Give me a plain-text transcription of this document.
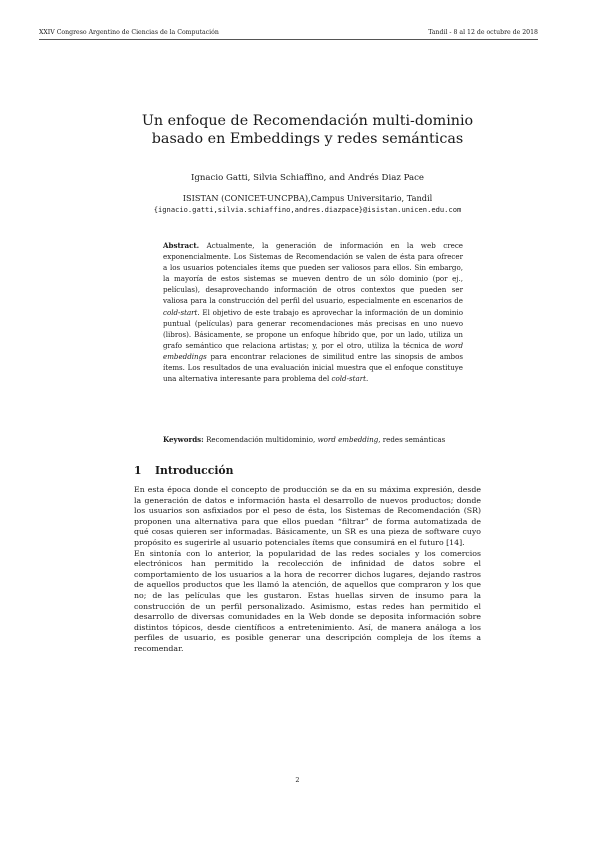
XXIV Congreso Argentino de Ciencias de la Computación	Tandil - 8 al 12 de octubre de 2018
Un enfoque de Recomendación multi-dominio
basado en Embeddings y redes semánticas
Ignacio Gatti, Silvia Schiaffino, and Andrés Diaz Pace
ISISTAN (CONICET-UNCPBA),Campus Universitario, Tandil
{ignacio.gatti,silvia.schiaffino,andres.diazpace}@isistan.unicen.edu.com

Abstract. Actualmente, la generación de información en la web crece exponencialmente. Los Sistemas de Recomendación se valen de ésta para ofrecer a los usuarios potenciales ítems que pueden ser valiosos para ellos. Sin embargo, la mayoría de estos sistemas se mueven dentro de un sólo dominio (por ej., películas), desaprovechando información de otros contextos que pueden ser valiosa para la construcción del perfil del usuario, especialmente en escenarios de cold-start. El objetivo de este trabajo es aprovechar la información de un dominio puntual (películas) para generar recomendaciones más precisas en uno nuevo (libros). Básicamente, se propone un enfoque híbrido que, por un lado, utiliza un grafo semántico que relaciona artistas; y, por el otro, utiliza la técnica de word embeddings para encontrar relaciones de similitud entre las sinopsis de ambos ítems. Los resultados de una evaluación inicial muestra que el enfoque constituye una alternativa interesante para problema del cold-start.

Keywords: Recomendación multidominio, word embedding, redes semánticas

1 Introducción

En esta época donde el concepto de producción se da en su máxima expresión, desde la generación de datos e información hasta el desarrollo de nuevos productos; donde los usuarios son asfixiados por el peso de ésta, los Sistemas de Recomendación (SR) proponen una alternativa para que ellos puedan “filtrar” de forma automatizada de qué cosas quieren ser informadas. Básicamente, un SR es una pieza de software cuyo propósito es sugerirle al usuario potenciales ítems que consumirá en el futuro [14].

En sintonía con lo anterior, la popularidad de las redes sociales y los comercios electrónicos han permitido la recolección de infinidad de datos sobre el comportamiento de los usuarios a la hora de recorrer dichos lugares, dejando rastros de aquellos productos que les llamó la atención, de aquellos que compraron y los que no; de las películas que les gustaron. Estas huellas sirven de insumo para la construcción de un perfil personalizado. Asimismo, estas redes han permitido el desarrollo de diversas comunidades en la Web donde se deposita información sobre distintos tópicos, desde científicos a entretenimiento. Así, de manera análoga a los perfiles de usuario, es posible generar una descripción compleja de los ítems a recomendar.

2
